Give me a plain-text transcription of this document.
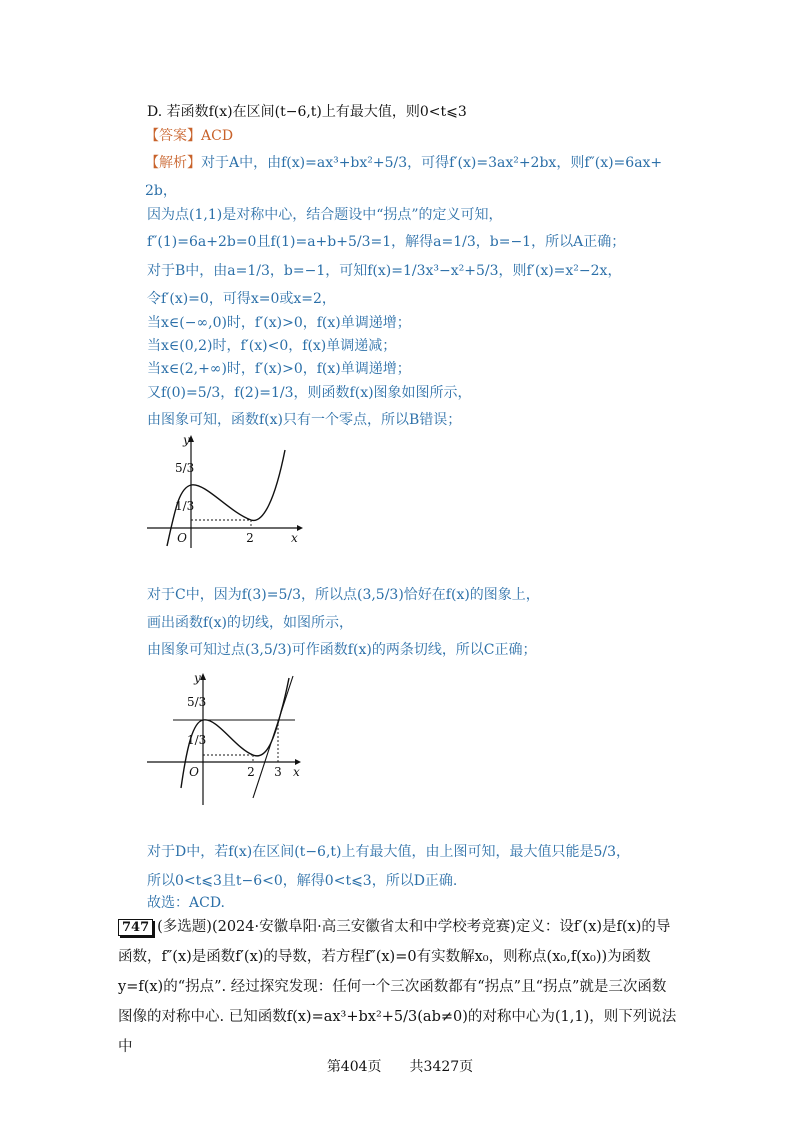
D. 若函数f(x)在区间(t−6,t)上有最大值，则0<t⩽3
【答案】ACD
【解析】对于A中，由f(x)=ax³+bx²+5/3，可得f′(x)=3ax²+2bx，则f″(x)=6ax+
2b，
因为点(1,1)是对称中心，结合题设中“拐点”的定义可知，
f″(1)=6a+2b=0且f(1)=a+b+5/3=1，解得a=1/3，b=−1，所以A正确；
对于B中，由a=1/3，b=−1，可知f(x)=1/3x³−x²+5/3，则f′(x)=x²−2x，
令f′(x)=0，可得x=0或x=2，
当x∈(−∞,0)时，f′(x)>0，f(x)单调递增；
当x∈(0,2)时，f′(x)<0，f(x)单调递减；
当x∈(2,+∞)时，f′(x)>0，f(x)单调递增；
又f(0)=5/3，f(2)=1/3，则函数f(x)图象如图所示，
由图象可知，函数f(x)只有一个零点，所以B错误；
y
x
O
5/3
1/3
2
对于C中，因为f(3)=5/3，所以点(3,5/3)恰好在f(x)的图象上，
画出函数f(x)的切线，如图所示，
由图象可知过点(3,5/3)可作函数f(x)的两条切线，所以C正确；
y
x
O
5/3
1/3
2 3
对于D中，若f(x)在区间(t−6,t)上有最大值，由上图可知，最大值只能是5/3，
所以0<t⩽3且t−6<0，解得0<t⩽3，所以D正确.
故选：ACD.
747 (多选题)(2024·安徽阜阳·高三安徽省太和中学校考竞赛)定义：设f′(x)是f(x)的导函数，f″(x)是函数f′(x)的导数，若方程f″(x)=0有实数解x₀，则称点(x₀,f(x₀))为函数y=f(x)的“拐点”. 经过探究发现：任何一个三次函数都有“拐点”且“拐点”就是三次函数图像的对称中心. 已知函数f(x)=ax³+bx²+5/3(ab≠0)的对称中心为(1,1)，则下列说法中
第404页　　共3427页
